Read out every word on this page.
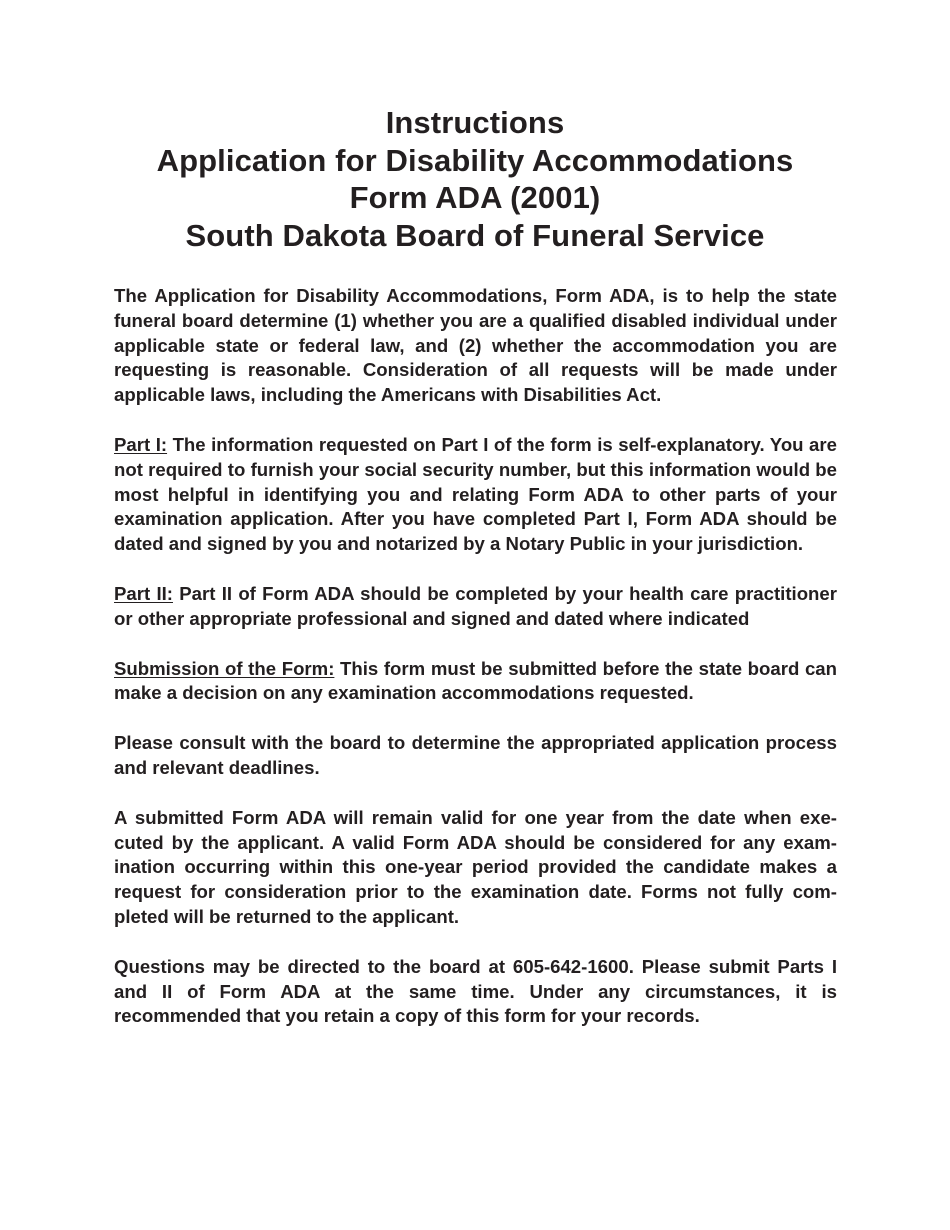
Instructions
Application for Disability Accommodations
Form ADA (2001)
South Dakota Board of Funeral Service

The Application for Disability Accommodations, Form ADA, is to help the state funeral board determine (1) whether you are a qualified disabled individual under applicable state or federal law, and (2) whether the accommodation you are requesting is reasonable. Consideration of all requests will be made under applicable laws, including the Americans with Disabilities Act.

Part I: The information requested on Part I of the form is self-explanatory. You are not required to furnish your social security number, but this information would be most helpful in identifying you and relating Form ADA to other parts of your examination application. After you have completed Part I, Form ADA should be dated and signed by you and notarized by a Notary Public in your jurisdiction.

Part II: Part II of Form ADA should be completed by your health care practitioner or other appropriate professional and signed and dated where indicated

Submission of the Form: This form must be submitted before the state board can make a decision on any examination accommodations requested.

Please consult with the board to determine the appropriated application process and relevant deadlines.

A submitted Form ADA will remain valid for one year from the date when executed by the applicant. A valid Form ADA should be considered for any examination occurring within this one-year period provided the candidate makes a request for consideration prior to the examination date. Forms not fully completed will be returned to the applicant.

Questions may be directed to the board at 605-642-1600. Please submit Parts I and II of Form ADA at the same time. Under any circumstances, it is recommended that you retain a copy of this form for your records.
